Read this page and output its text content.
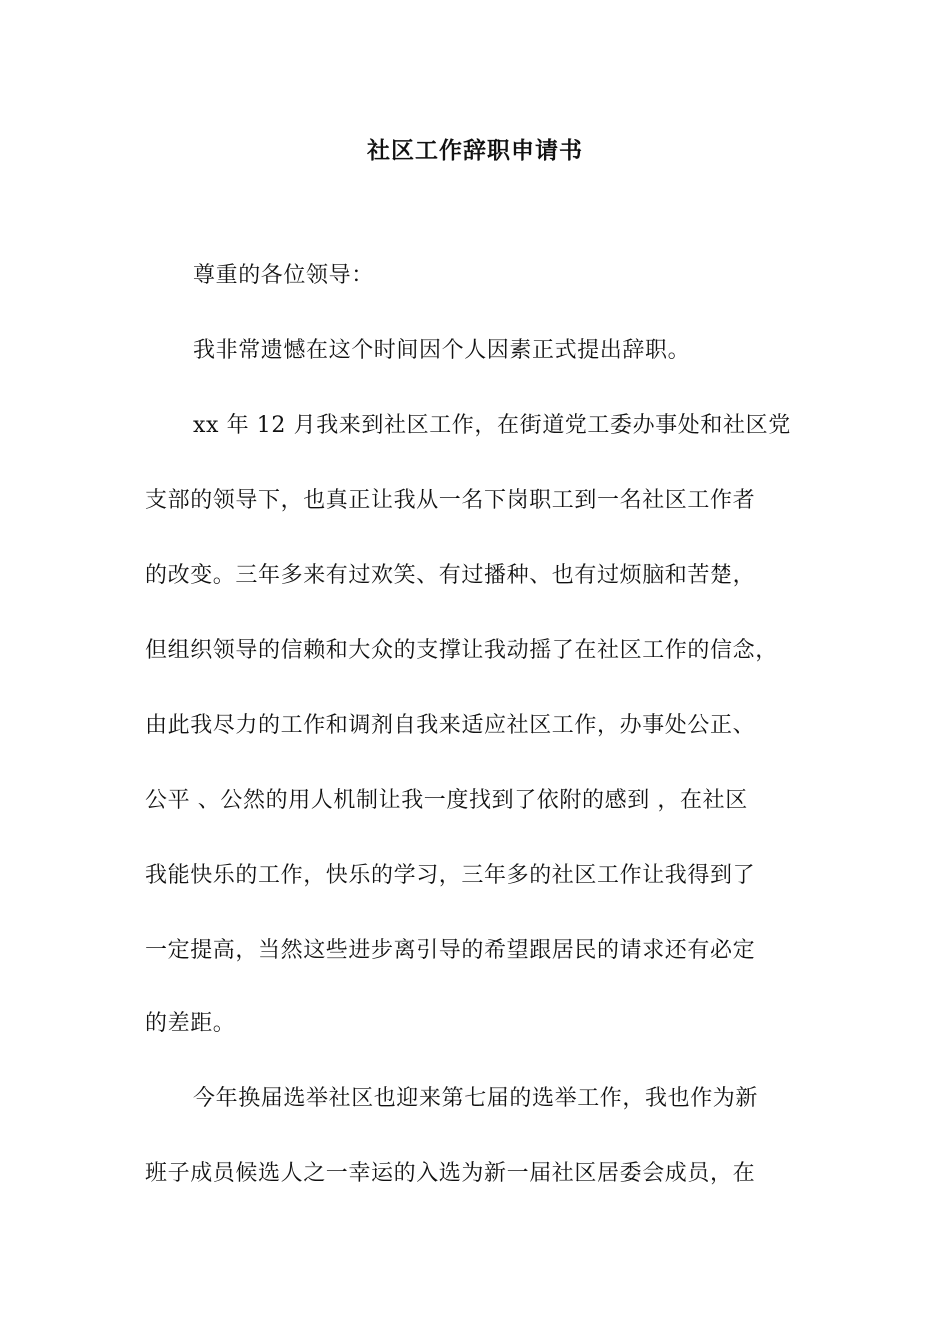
社区工作辞职申请书
尊重的各位领导：
我非常遗憾在这个时间因个人因素正式提出辞职。
xx 年 12 月我来到社区工作，在街道党工委办事处和社区党
支部的领导下，也真正让我从一名下岗职工到一名社区工作者
的改变。三年多来有过欢笑、有过播种、也有过烦脑和苦楚，
但组织领导的信赖和大众的支撑让我动摇了在社区工作的信念，
由此我尽力的工作和调剂自我来适应社区工作，办事处公正、
公平 、公然的用人机制让我一度找到了依附的感到 ，在社区
我能快乐的工作，快乐的学习，三年多的社区工作让我得到了
一定提高，当然这些进步离引导的希望跟居民的请求还有必定
的差距。
今年换届选举社区也迎来第七届的选举工作，我也作为新
班子成员候选人之一幸运的入选为新一届社区居委会成员，在
